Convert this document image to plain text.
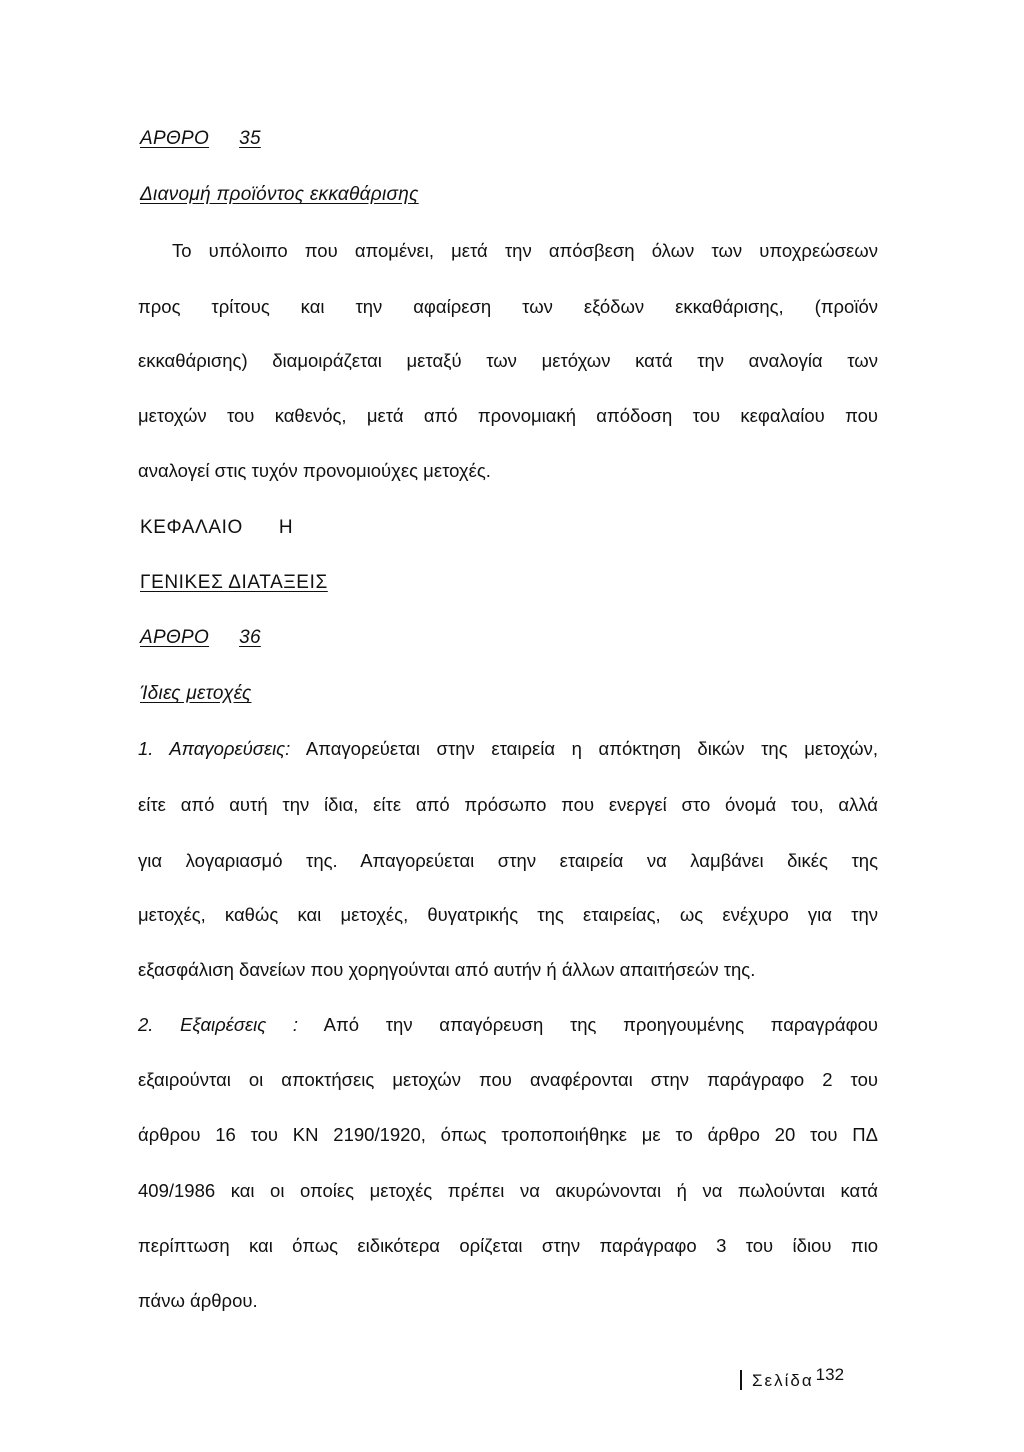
ΑΡΘΡΟ 35
Διανομή προϊόντος εκκαθάρισης
Το υπόλοιπο που απομένει, μετά την απόσβεση όλων των υποχρεώσεων
προς τρίτους και την αφαίρεση των εξόδων εκκαθάρισης, (προϊόν
εκκαθάρισης) διαμοιράζεται μεταξύ των μετόχων κατά την αναλογία των
μετοχών του καθενός, μετά από προνομιακή απόδοση του κεφαλαίου που
αναλογεί στις τυχόν προνομιούχες μετοχές.
ΚΕΦΑΛΑΙΟ Η
ΓΕΝΙΚΕΣ ΔΙΑΤΑΞΕΙΣ
ΑΡΘΡΟ 36
Ίδιες μετοχές
1. Απαγορεύσεις: Απαγορεύεται στην εταιρεία η απόκτηση δικών της μετοχών,
είτε από αυτή την ίδια, είτε από πρόσωπο που ενεργεί στο όνομά του, αλλά
για λογαριασμό της. Απαγορεύεται στην εταιρεία να λαμβάνει δικές της
μετοχές, καθώς και μετοχές, θυγατρικής της εταιρείας, ως ενέχυρο για την
εξασφάλιση δανείων που χορηγούνται από αυτήν ή άλλων απαιτήσεών της.
2. Εξαιρέσεις : Από την απαγόρευση της προηγουμένης παραγράφου
εξαιρούνται οι αποκτήσεις μετοχών που αναφέρονται στην παράγραφο 2 του
άρθρου 16 του ΚΝ 2190/1920, όπως τροποποιήθηκε με το άρθρο 20 του ΠΔ
409/1986 και οι οποίες μετοχές πρέπει να ακυρώνονται ή να πωλούνται κατά
περίπτωση και όπως ειδικότερα ορίζεται στην παράγραφο 3 του ίδιου πιο
πάνω άρθρου.
Σελίδα 132
